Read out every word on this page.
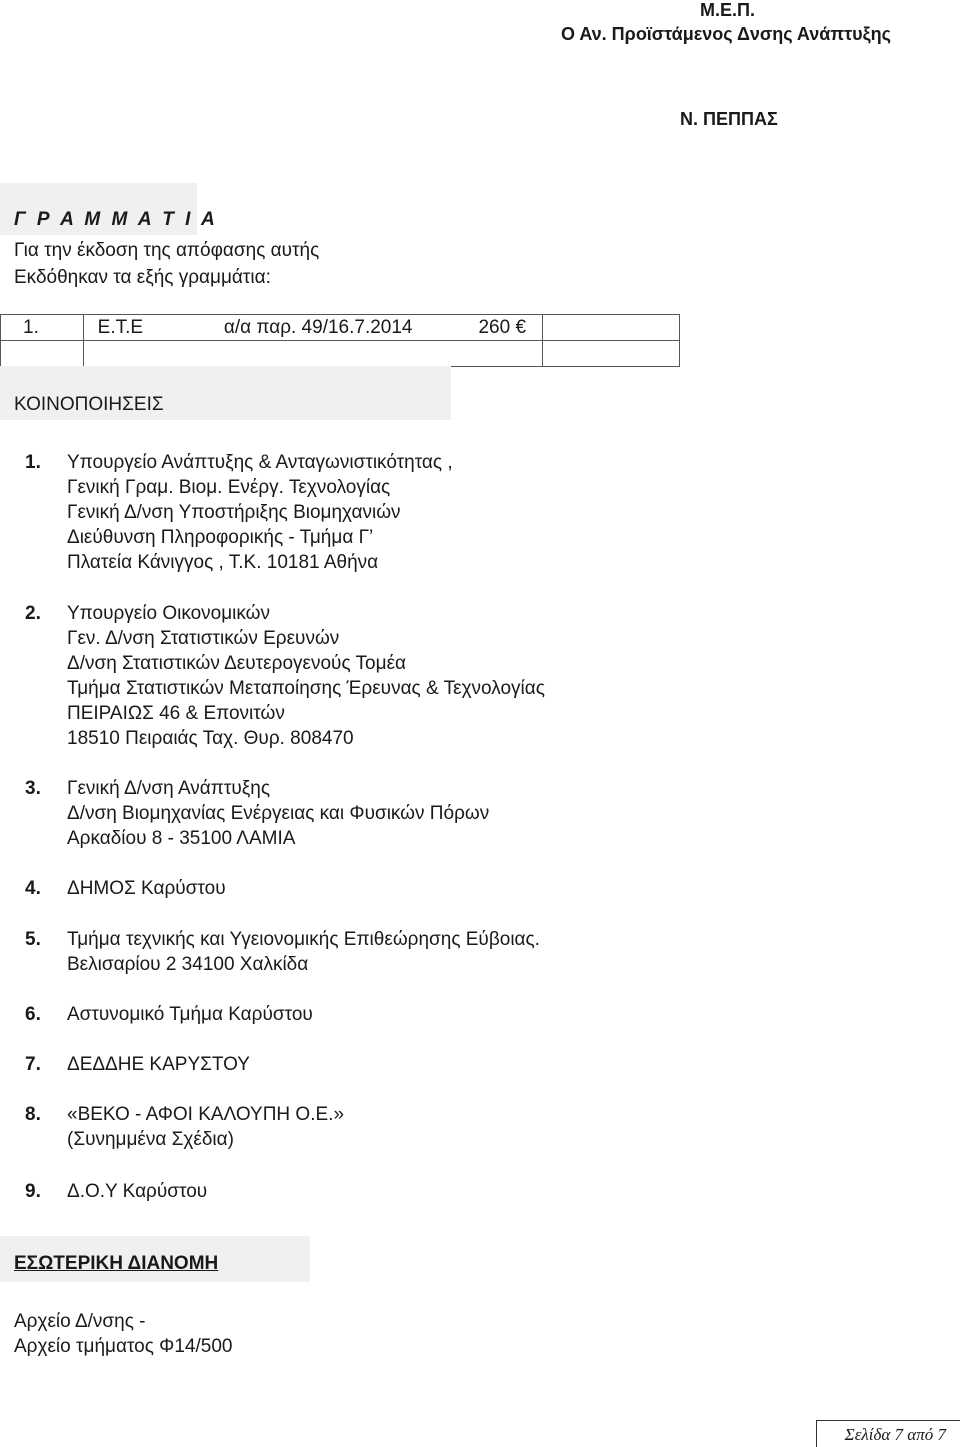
Μ.Ε.Π.
Ο Αν. Προϊστάμενος Δνσης Ανάπτυξης
Ν. ΠΕΠΠΑΣ
Γ Ρ Α Μ Μ Α Τ Ι Α
Για την έκδοση της απόφασης αυτής
Εκδόθηκαν τα εξής γραμμάτια:
1.	Ε.Τ.Ε	α/α παρ. 49/16.7.2014	260 €	

ΚΟΙΝΟΠΟΙΗΣΕΙΣ
1. Υπουργείο Ανάπτυξης & Ανταγωνιστικότητας ,
Γενική Γραμ. Βιομ. Ενέργ. Τεχνολογίας
Γενική Δ/νση Υποστήριξης Βιομηχανιών
Διεύθυνση Πληροφορικής - Τμήμα Γ’
Πλατεία Κάνιγγος , Τ.Κ. 10181 Αθήνα
2. Υπουργείο Οικονομικών
Γεν. Δ/νση Στατιστικών Ερευνών
Δ/νση Στατιστικών Δευτερογενούς Τομέα
Τμήμα Στατιστικών Μεταποίησης Έρευνας & Τεχνολογίας
ΠΕΙΡΑΙΩΣ 46 & Επονιτών
18510 Πειραιάς Ταχ. Θυρ. 808470
3. Γενική Δ/νση Ανάπτυξης
Δ/νση Βιομηχανίας Ενέργειας και Φυσικών Πόρων
Αρκαδίου 8 - 35100 ΛΑΜΙΑ
4. ΔΗΜΟΣ Καρύστου
5. Τμήμα τεχνικής και Υγειονομικής Επιθεώρησης Εύβοιας.
Βελισαρίου 2 34100 Χαλκίδα
6. Αστυνομικό Τμήμα Καρύστου
7. ΔΕΔΔΗΕ ΚΑΡΥΣΤΟΥ
8. «ΒΕΚΟ - ΑΦΟΙ ΚΑΛΟΥΠΗ Ο.Ε.»
(Συνημμένα Σχέδια)
9. Δ.Ο.Υ Καρύστου
ΕΣΩΤΕΡΙΚΗ ΔΙΑΝΟΜΗ
Αρχείο Δ/νσης -
Αρχείο τμήματος Φ14/500
Σελίδα 7 από 7
